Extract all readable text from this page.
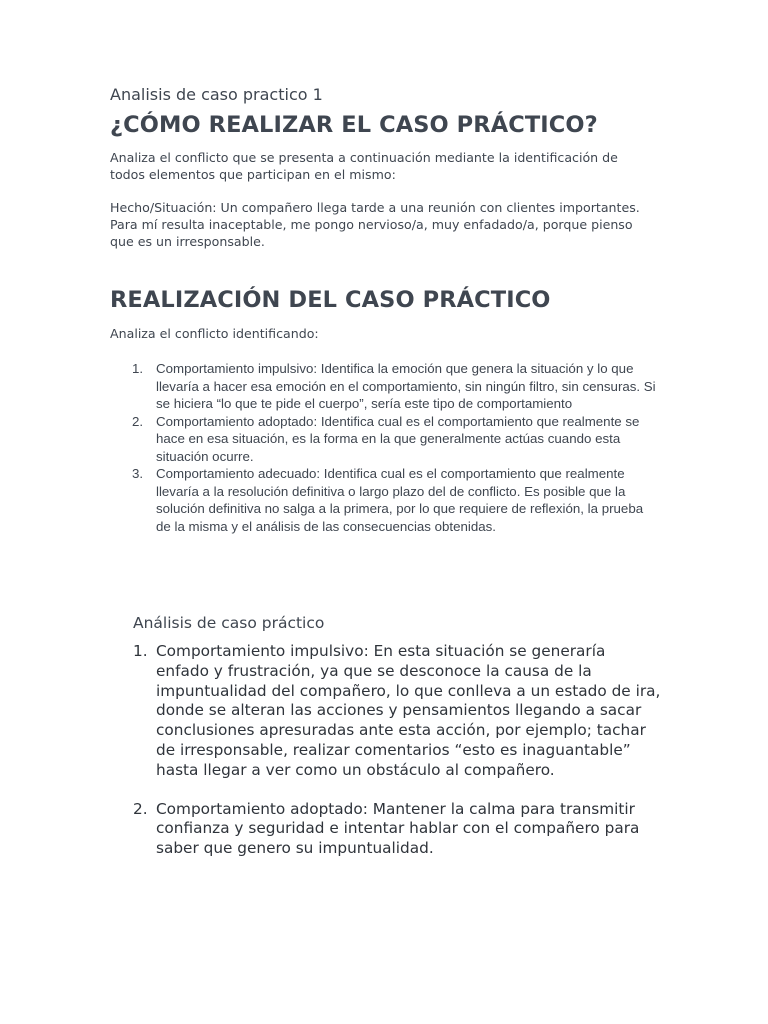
Analisis de caso practico 1
¿CÓMO REALIZAR EL CASO PRÁCTICO?

Analiza el conflicto que se presenta a continuación mediante la identificación de todos elementos que participan en el mismo:

Hecho/Situación: Un compañero llega tarde a una reunión con clientes importantes. Para mí resulta inaceptable, me pongo nervioso/a, muy enfadado/a, porque pienso que es un irresponsable.

REALIZACIÓN DEL CASO PRÁCTICO

Analiza el conflicto identificando:

1. Comportamiento impulsivo: Identifica la emoción que genera la situación y lo que llevaría a hacer esa emoción en el comportamiento, sin ningún filtro, sin censuras. Si se hiciera “lo que te pide el cuerpo”, sería este tipo de comportamiento
2. Comportamiento adoptado: Identifica cual es el comportamiento que realmente se hace en esa situación, es la forma en la que generalmente actúas cuando esta situación ocurre.
3. Comportamiento adecuado: Identifica cual es el comportamiento que realmente llevaría a la resolución definitiva o largo plazo del de conflicto. Es posible que la solución definitiva no salga a la primera, por lo que requiere de reflexión, la prueba de la misma y el análisis de las consecuencias obtenidas.
Análisis de caso práctico
1. Comportamiento impulsivo: En esta situación se generaría enfado y frustración, ya que se desconoce la causa de la impuntualidad del compañero, lo que conlleva a un estado de ira, donde se alteran las acciones y pensamientos llegando a sacar conclusiones apresuradas ante esta acción, por ejemplo; tachar de irresponsable, realizar comentarios “esto es inaguantable” hasta llegar a ver como un obstáculo al compañero.
2. Comportamiento adoptado: Mantener la calma para transmitir confianza y seguridad e intentar hablar con el compañero para saber que genero su impuntualidad.
